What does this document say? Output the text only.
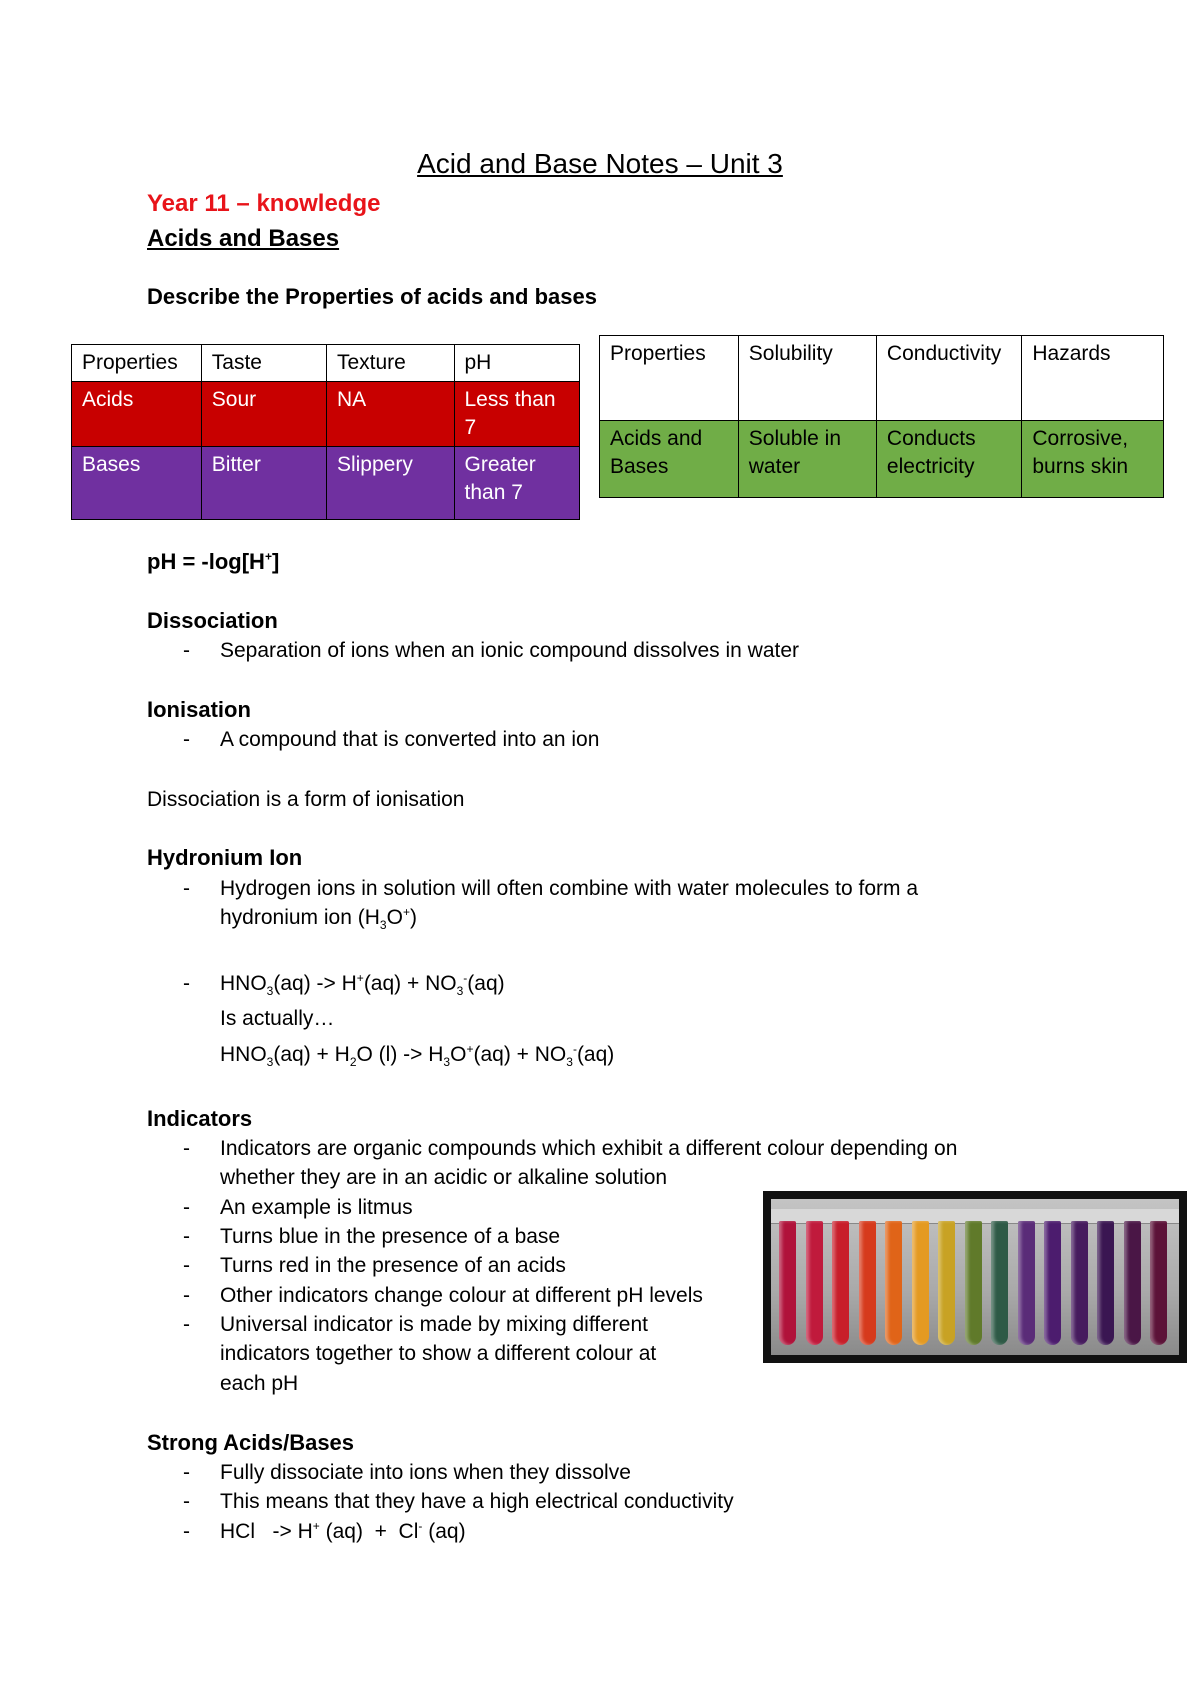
Acid and Base Notes – Unit 3
Year 11 – knowledge
Acids and Bases
Describe the Properties of acids and bases
Properties	Taste	Texture	pH
Acids	Sour	NA	Less than 7
Bases	Bitter	Slippery	Greater than 7
Properties	Solubility	Conductivity	Hazards
Acids and Bases	Soluble in water	Conducts electricity	Corrosive, burns skin
pH = -log[H+]
Dissociation
- Separation of ions when an ionic compound dissolves in water
Ionisation
- A compound that is converted into an ion
Dissociation is a form of ionisation
Hydronium Ion
- Hydrogen ions in solution will often combine with water molecules to form a
hydronium ion $(H_3O^+)$
- $HNO_3(aq) -> H^+(aq) + NO_3^-(aq)$
Is actually…
$HNO_3(aq) + H_2O$ $(l) -> H_3O^+(aq) + NO_3^-(aq)$
Indicators
- Indicators are organic compounds which exhibit a different colour depending on
whether they are in an acidic or alkaline solution
- An example is litmus
- Turns blue in the presence of a base
- Turns red in the presence of an acids
- Other indicators change colour at different pH levels
- Universal indicator is made by mixing different
indicators together to show a different colour at
each pH
Strong Acids/Bases
- Fully dissociate into ions when they dissolve
- This means that they have a high electrical conductivity
- HCl   -> H+ (aq)  +  Cl- (aq)
